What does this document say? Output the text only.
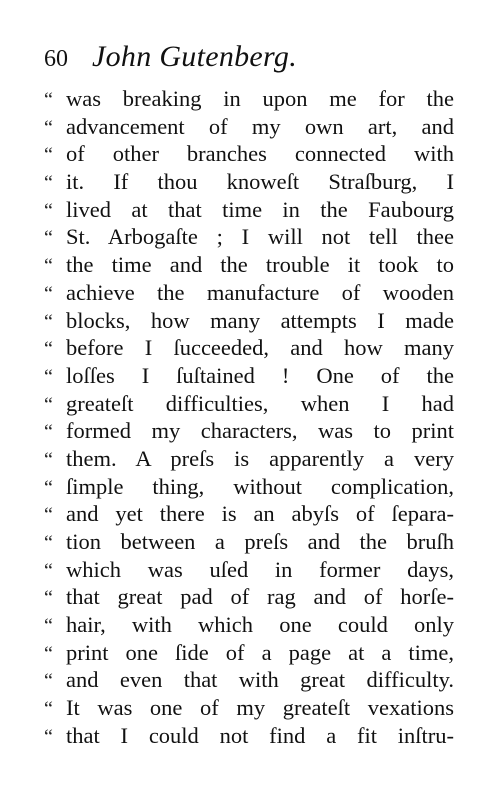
60 John Gutenberg.
“ was breaking in upon me for the
“ advancement of my own art, and
“ of other branches connected with
“ it. If thou knoweſt Straſburg, I
“ lived at that time in the Faubourg
“ St. Arbogaſte ; I will not tell thee
“ the time and the trouble it took to
“ achieve the manufacture of wooden
“ blocks, how many attempts I made
“ before I ſucceeded, and how many
“ loſſes I ſuſtained ! One of the
“ greateſt difficulties, when I had
“ formed my characters, was to print
“ them. A preſs is apparently a very
“ ſimple thing, without complication,
“ and yet there is an abyſs of ſepara-
“ tion between a preſs and the bruſh
“ which was uſed in former days,
“ that great pad of rag and of horſe-
“ hair, with which one could only
“ print one ſide of a page at a time,
“ and even that with great difficulty.
“ It was one of my greateſt vexations
“ that I could not find a fit inſtru-
